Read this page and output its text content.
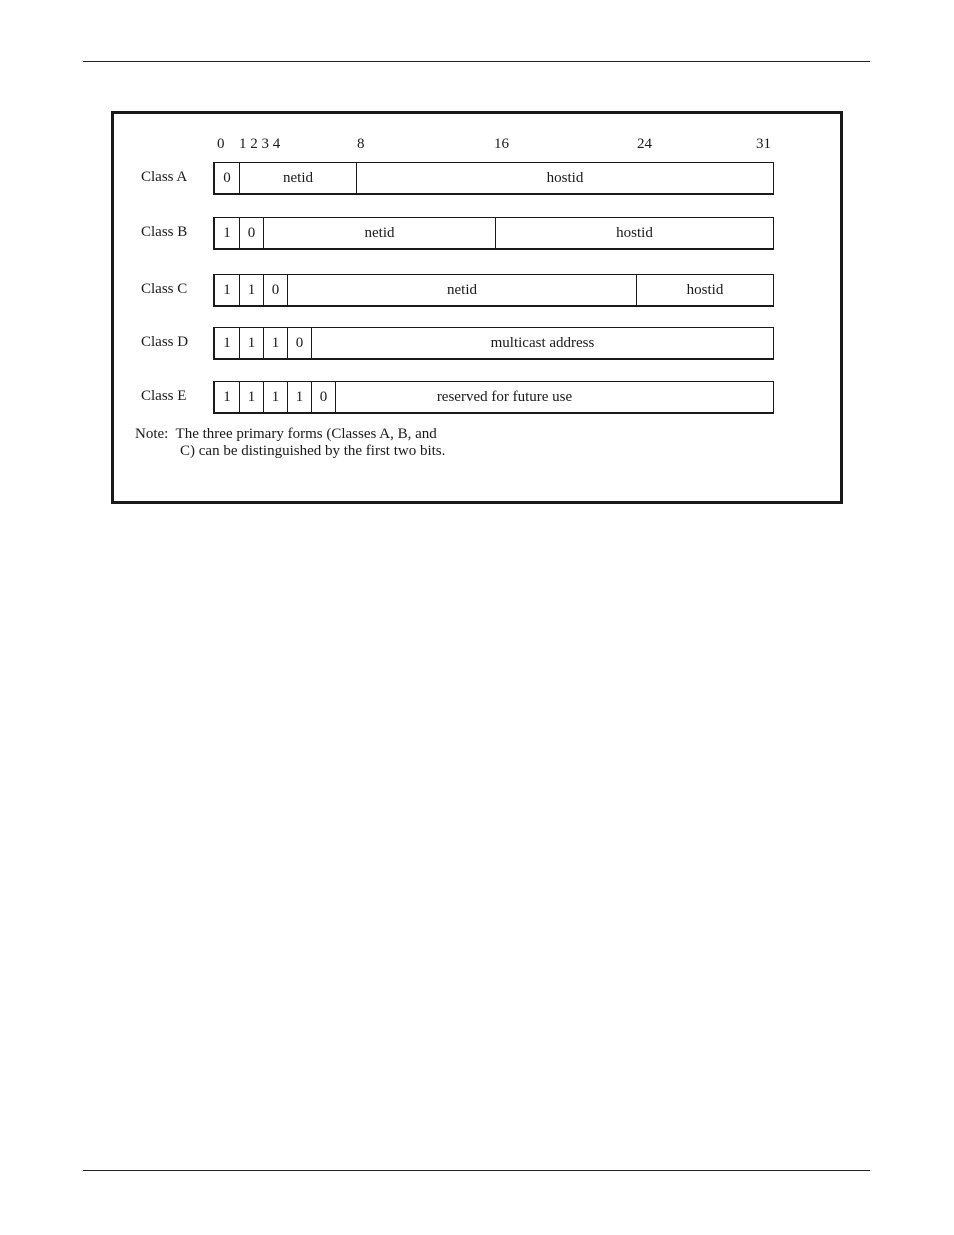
0 1 2 3 4	8	16	24	31
Class A	0	netid	hostid
Class B	1	0	netid	hostid
Class C	1	1	0	netid	hostid
Class D	1	1	1	0	multicast address
Class E	1	1	1	1	0	reserved for future use
Note:  The three primary forms (Classes A, B, and
C) can be distinguished by the first two bits.
